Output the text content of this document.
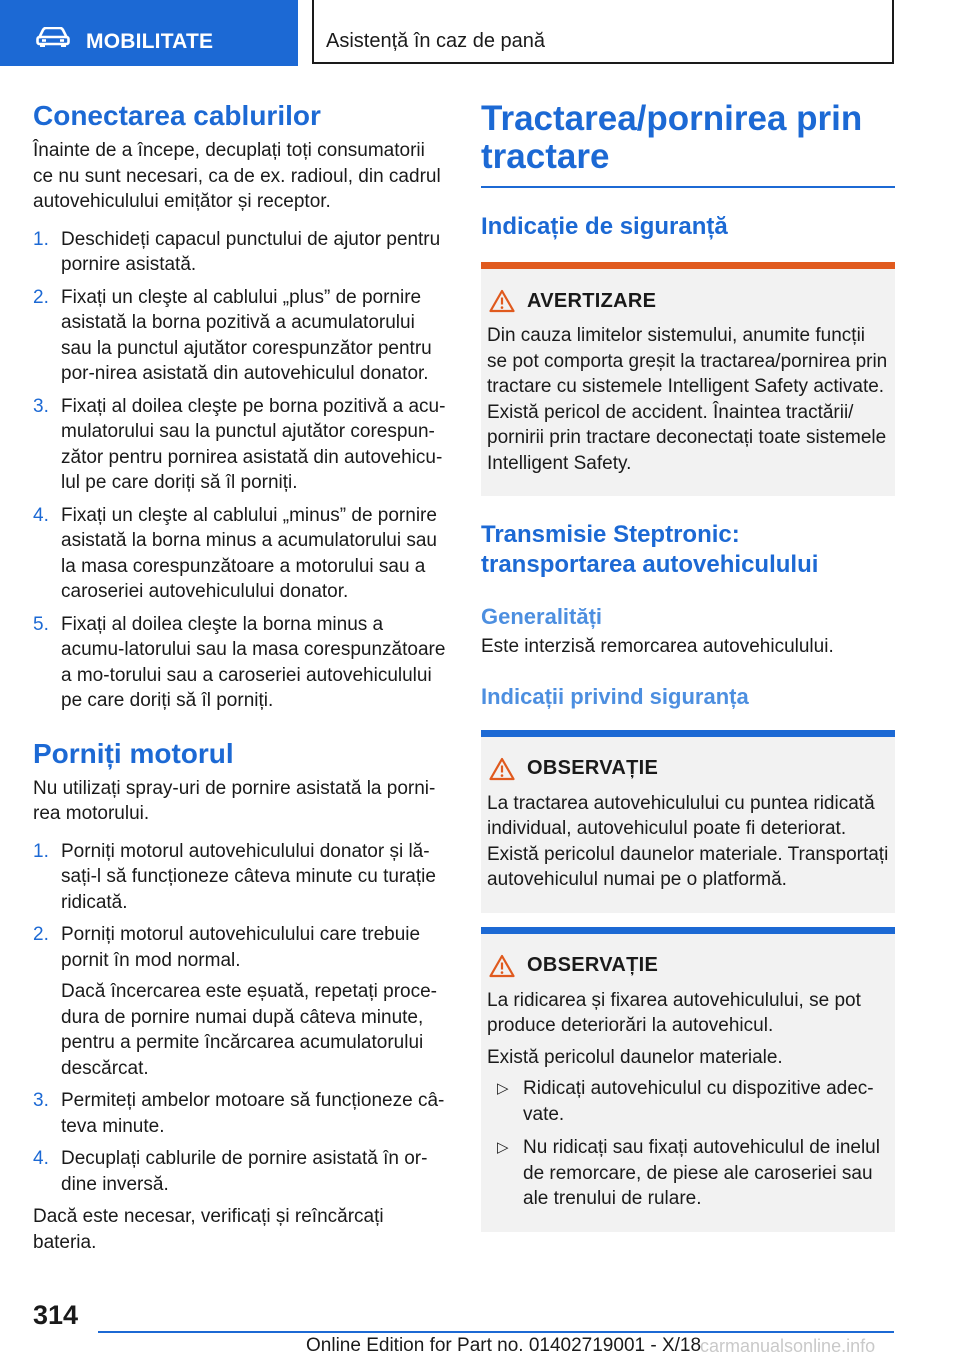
MOBILITATE	Asistență în caz de pană
Conectarea cablurilor

Înainte de a începe, decuplați toți consumatorii ce nu sunt necesari, ca de ex. radioul, din cadrul autovehiculului emițător și receptor.

1. Deschideți capacul punctului de ajutor pentru pornire asistată.
2. Fixați un cleşte al cablului „plus” de pornire asistată la borna pozitivă a acumulatorului sau la punctul ajutător corespunzător pentru por-nirea asistată din autovehiculul donator.
3. Fixați al doilea cleşte pe borna pozitivă a acu-mulatorului sau la punctul ajutător corespun-zător pentru pornirea asistată din autovehicu-lul pe care doriți să îl porniți.
4. Fixați un cleşte al cablului „minus” de pornire asistată la borna minus a acumulatorului sau la masa corespunzătoare a motorului sau a caroseriei autovehiculului donator.
5. Fixați al doilea cleşte la borna minus a acumu-latorului sau la masa corespunzătoare a mo-torului sau a caroseriei autovehiculului pe care doriți să îl porniți.
Porniți motorul

Nu utilizați spray-uri de pornire asistată la porni-rea motorului.

1. Porniți motorul autovehiculului donator și lă-sați-l să funcționeze câteva minute cu turație ridicată.
2. Porniți motorul autovehiculului care trebuie pornit în mod normal.
Dacă încercarea este eșuată, repetați proce-dura de pornire numai după câteva minute, pentru a permite încărcarea acumulatorului descărcat.
3. Permiteți ambelor motoare să funcționeze câ-teva minute.
4. Decuplați cablurile de pornire asistată în or-dine inversă.

Dacă este necesar, verificați și reîncărcați bateria.

Tractarea/pornirea prin tractare
Indicație de siguranță
AVERTIZARE

Din cauza limitelor sistemului, anumite funcții se pot comporta greșit la tractarea/pornirea prin tractare cu sistemele Intelligent Safety activate. Există pericol de accident. Înaintea tractării/ pornirii prin tractare deconectați toate sistemele Intelligent Safety.

Transmisie Steptronic: transportarea autovehiculului
Generalități

Este interzisă remorcarea autovehiculului.

Indicații privind siguranța
OBSERVAȚIE

La tractarea autovehiculului cu puntea ridicată individual, autovehiculul poate fi deteriorat. Există pericolul daunelor materiale. Transportați autovehiculul numai pe o platformă.

OBSERVAȚIE

La ridicarea și fixarea autovehiculului, se pot produce deteriorări la autovehicul.

Există pericolul daunelor materiale.

▷ Ridicați autovehiculul cu dispozitive adec-vate.
▷ Nu ridicați sau fixați autovehiculul de inelul de remorcare, de piese ale caroseriei sau ale trenului de rulare.
314
Online Edition for Part no. 01402719001 - X/18
carmanualsonline.info
